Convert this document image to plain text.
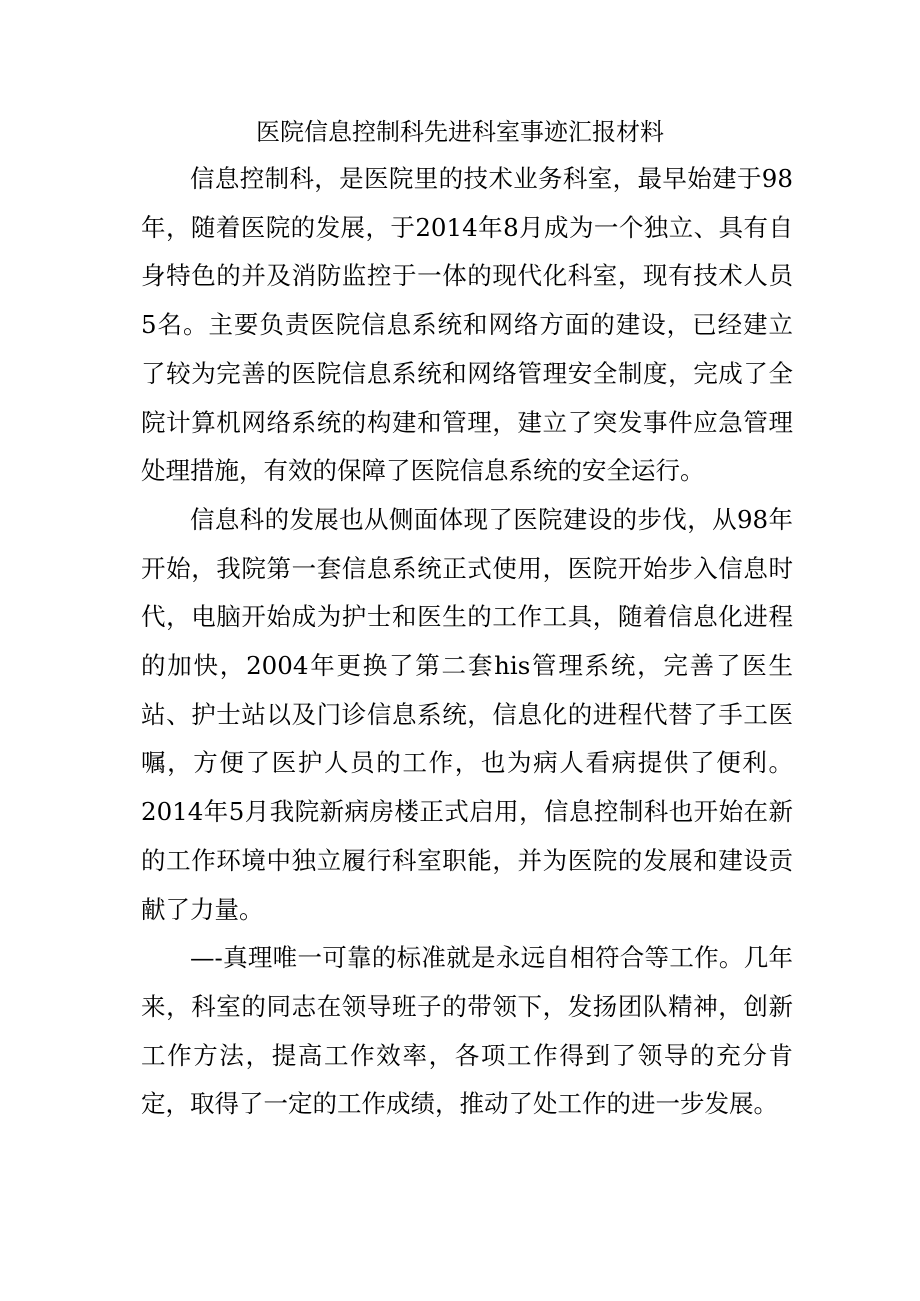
医院信息控制科先进科室事迹汇报材料

信息控制科，是医院里的技术业务科室，最早始建于98年，随着医院的发展，于2014年8月成为一个独立、具有自身特色的并及消防监控于一体的现代化科室，现有技术人员5名。主要负责医院信息系统和网络方面的建设，已经建立了较为完善的医院信息系统和网络管理安全制度，完成了全院计算机网络系统的构建和管理，建立了突发事件应急管理处理措施，有效的保障了医院信息系统的安全运行。

信息科的发展也从侧面体现了医院建设的步伐，从98年开始，我院第一套信息系统正式使用，医院开始步入信息时代，电脑开始成为护士和医生的工作工具，随着信息化进程的加快，2004年更换了第二套his管理系统，完善了医生站、护士站以及门诊信息系统，信息化的进程代替了手工医嘱，方便了医护人员的工作，也为病人看病提供了便利。2014年5月我院新病房楼正式启用，信息控制科也开始在新的工作环境中独立履行科室职能，并为医院的发展和建设贡献了力量。

—-真理唯一可靠的标准就是永远自相符合等工作。几年来，科室的同志在领导班子的带领下，发扬团队精神，创新工作方法，提高工作效率，各项工作得到了领导的充分肯定，取得了一定的工作成绩，推动了处工作的进一步发展。
